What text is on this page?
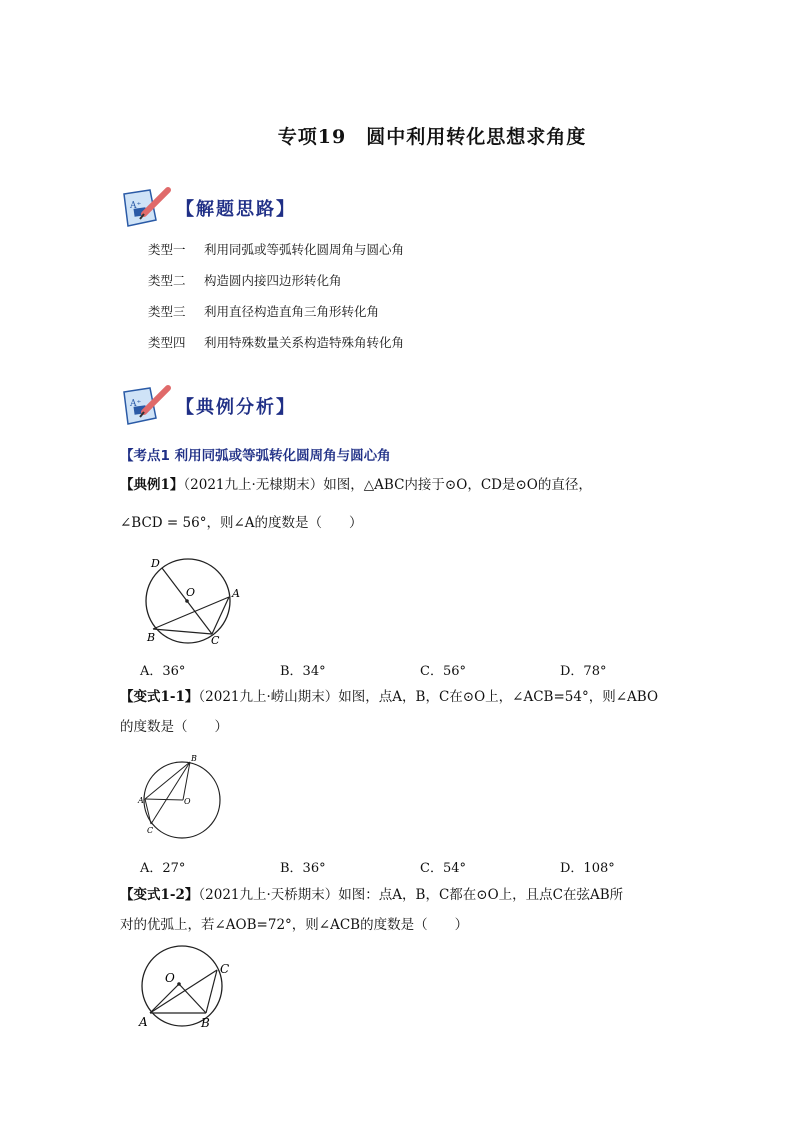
专项19　圆中利用转化思想求角度
A⁺ 【解题思路】
类型一	利用同弧或等弧转化圆周角与圆心角
类型二	构造圆内接四边形转化角
类型三	利用直径构造直角三角形转化角
类型四	利用特殊数量关系构造特殊角转化角
A⁺ 【典例分析】
【考点1 利用同弧或等弧转化圆周角与圆心角
【典例1】（2021九上·无棣期末）如图，△ABC内接于⊙O，CD是⊙O的直径，
∠BCD = 56°，则∠A的度数是（　　）
D
O	A
B	C
A．36°	B．34°	C．56°	D．78°
【变式1-1】（2021九上·崂山期末）如图，点A，B，C在⊙O上，∠ACB=54°，则∠ABO
的度数是（　　）
B
A	O
C
A．27°	B．36°	C．54°	D．108°
【变式1-2】（2021九上·天桥期末）如图：点A，B，C都在⊙O上，且点C在弦AB所
对的优弧上，若∠AOB=72°，则∠ACB的度数是（　　）
O
C
A	B
